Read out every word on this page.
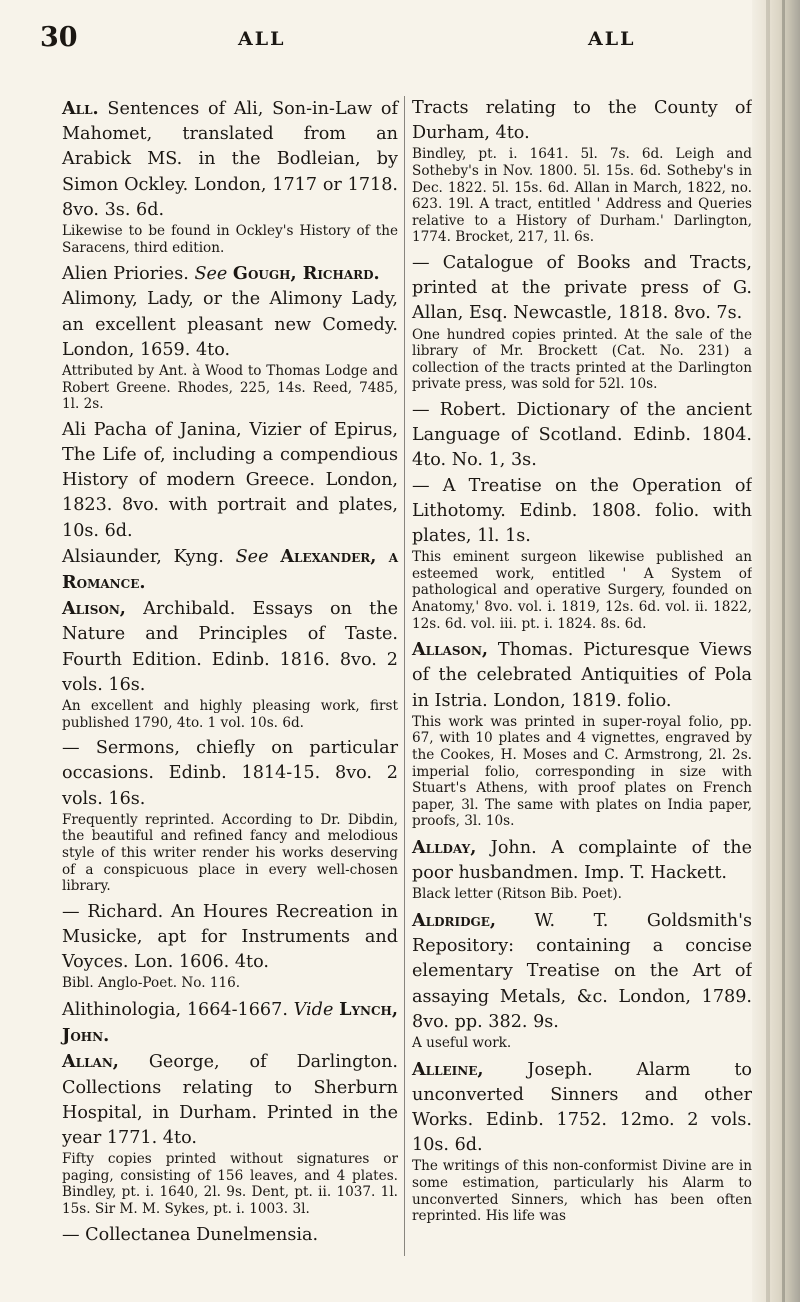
30	ALL	ALL

All. Sentences of Ali, Son-in-Law of Mahomet, translated from an Arabick MS. in the Bodleian, by Simon Ockley. London, 1717 or 1718. 8vo. 3s. 6d.

Likewise to be found in Ockley's History of the Saracens, third edition.

Alien Priories. See Gough, Richard.

Alimony, Lady, or the Alimony Lady, an excellent pleasant new Comedy. London, 1659. 4to.

Attributed by Ant. à Wood to Thomas Lodge and Robert Greene. Rhodes, 225, 14s. Reed, 7485, 1l. 2s.

Ali Pacha of Janina, Vizier of Epirus, The Life of, including a compendious History of modern Greece. London, 1823. 8vo. with portrait and plates, 10s. 6d.

Alsiaunder, Kyng. See Alexander, a Romance.

Alison, Archibald. Essays on the Nature and Principles of Taste. Fourth Edition. Edinb. 1816. 8vo. 2 vols. 16s.

An excellent and highly pleasing work, first published 1790, 4to. 1 vol. 10s. 6d.

— Sermons, chiefly on particular occasions. Edinb. 1814-15. 8vo. 2 vols. 16s.

Frequently reprinted. According to Dr. Dibdin, the beautiful and refined fancy and melodious style of this writer render his works deserving of a conspicuous place in every well-chosen library.

— Richard. An Houres Recreation in Musicke, apt for Instruments and Voyces. Lon. 1606. 4to.

Bibl. Anglo-Poet. No. 116.

Alithinologia, 1664-1667. Vide Lynch, John.

Allan, George, of Darlington. Collections relating to Sherburn Hospital, in Durham. Printed in the year 1771. 4to.

Fifty copies printed without signatures or paging, consisting of 156 leaves, and 4 plates. Bindley, pt. i. 1640, 2l. 9s. Dent, pt. ii. 1037. 1l. 15s. Sir M. M. Sykes, pt. i. 1003. 3l.

— Collectanea Dunelmensia.

Tracts relating to the County of Durham, 4to.

Bindley, pt. i. 1641. 5l. 7s. 6d. Leigh and Sotheby's in Nov. 1800. 5l. 15s. 6d. Sotheby's in Dec. 1822. 5l. 15s. 6d. Allan in March, 1822, no. 623. 19l. A tract, entitled ' Address and Queries relative to a History of Durham.' Darlington, 1774. Brocket, 217, 1l. 6s.

— Catalogue of Books and Tracts, printed at the private press of G. Allan, Esq. Newcastle, 1818. 8vo. 7s.

One hundred copies printed. At the sale of the library of Mr. Brockett (Cat. No. 231) a collection of the tracts printed at the Darlington private press, was sold for 52l. 10s.

— Robert. Dictionary of the ancient Language of Scotland. Edinb. 1804. 4to. No. 1, 3s.

— A Treatise on the Operation of Lithotomy. Edinb. 1808. folio. with plates, 1l. 1s.

This eminent surgeon likewise published an esteemed work, entitled ' A System of pathological and operative Surgery, founded on Anatomy,' 8vo. vol. i. 1819, 12s. 6d. vol. ii. 1822, 12s. 6d. vol. iii. pt. i. 1824. 8s. 6d.

Allason, Thomas. Picturesque Views of the celebrated Antiquities of Pola in Istria. London, 1819. folio.

This work was printed in super-royal folio, pp. 67, with 10 plates and 4 vignettes, engraved by the Cookes, H. Moses and C. Armstrong, 2l. 2s. imperial folio, corresponding in size with Stuart's Athens, with proof plates on French paper, 3l. The same with plates on India paper, proofs, 3l. 10s.

Allday, John. A complainte of the poor husbandmen. Imp. T. Hackett.

Black letter (Ritson Bib. Poet).

Aldridge, W. T. Goldsmith's Repository: containing a concise elementary Treatise on the Art of assaying Metals, &c. London, 1789. 8vo. pp. 382. 9s.

A useful work.

Alleine, Joseph. Alarm to unconverted Sinners and other Works. Edinb. 1752. 12mo. 2 vols. 10s. 6d.

The writings of this non-conformist Divine are in some estimation, particularly his Alarm to unconverted Sinners, which has been often reprinted. His life was
